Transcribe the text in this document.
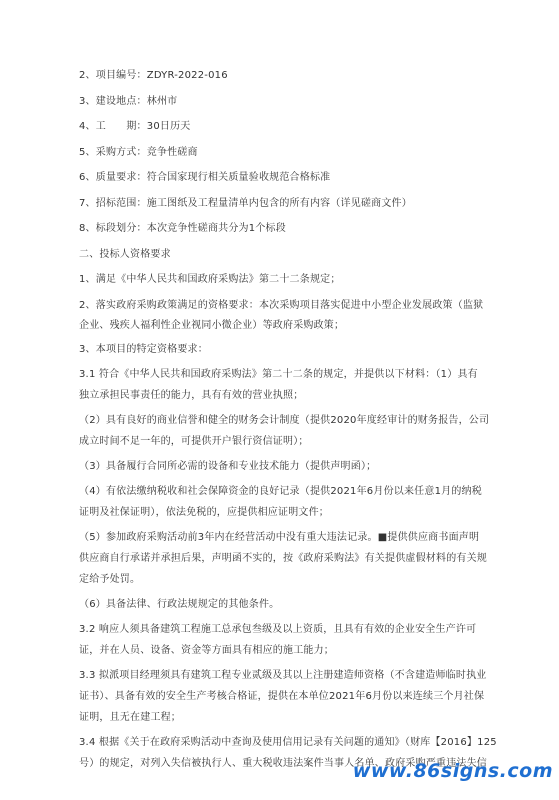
2、项目编号：ZDYR-2022-016
3、建设地点：林州市
4、工　　期：30日历天
5、采购方式：竞争性磋商
6、质量要求：符合国家现行相关质量验收规范合格标准
7、招标范围：施工图纸及工程量清单内包含的所有内容（详见磋商文件）
8、标段划分：本次竞争性磋商共分为1个标段
二、投标人资格要求
1、满足《中华人民共和国政府采购法》第二十二条规定；
2、落实政府采购政策满足的资格要求：本次采购项目落实促进中小型企业发展政策（监狱
企业、残疾人福利性企业视同小微企业）等政府采购政策；
3、本项目的特定资格要求：
3.1 符合《中华人民共和国政府采购法》第二十二条的规定，并提供以下材料：（1）具有
独立承担民事责任的能力，具有有效的营业执照；
（2）具有良好的商业信誉和健全的财务会计制度（提供2020年度经审计的财务报告，公司
成立时间不足一年的，可提供开户银行资信证明）；
（3）具备履行合同所必需的设备和专业技术能力（提供声明函）；
（4）有依法缴纳税收和社会保障资金的良好记录（提供2021年6月份以来任意1月的纳税
证明及社保证明），依法免税的，应提供相应证明文件；
（5）参加政府采购活动前3年内在经营活动中没有重大违法记录。■提供供应商书面声明
供应商自行承诺并承担后果，声明函不实的，按《政府采购法》有关提供虚假材料的有关规
定给予处罚。
（6）具备法律、行政法规规定的其他条件。
3.2 响应人须具备建筑工程施工总承包叁级及以上资质，且具有有效的企业安全生产许可
证，并在人员、设备、资金等方面具有相应的施工能力；
3.3 拟派项目经理须具有建筑工程专业贰级及其以上注册建造师资格（不含建造师临时执业
证书）、具备有效的安全生产考核合格证，提供在本单位2021年6月份以来连续三个月社保
证明，且无在建工程；
3.4 根据《关于在政府采购活动中查询及使用信用记录有关问题的通知》（财库【2016】125
号）的规定，对列入失信被执行人、重大税收违法案件当事人名单、政府采购严重违法失信
www.86signs.com
